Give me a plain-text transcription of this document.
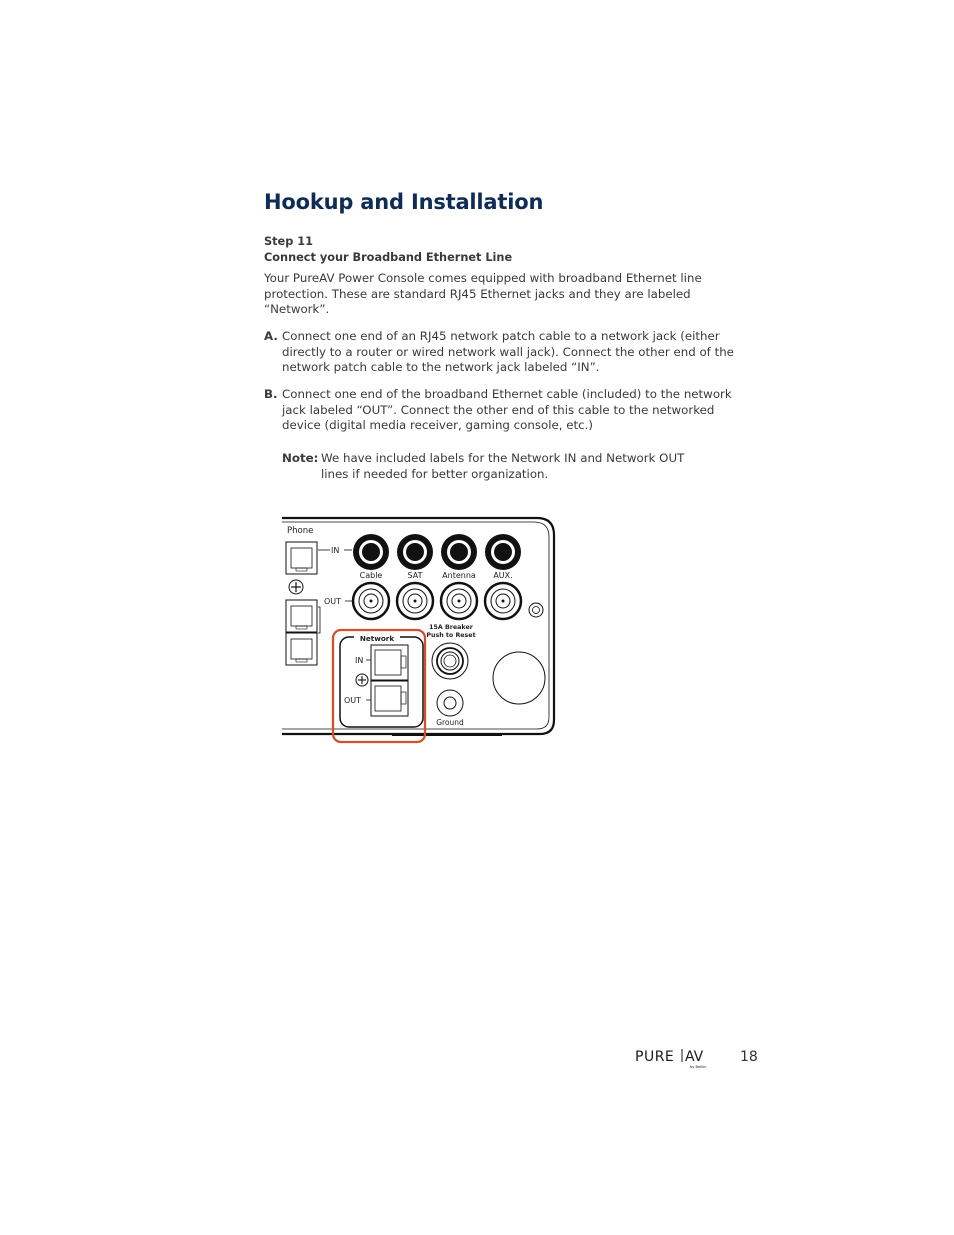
Hookup and Installation
Step 11
Connect your Broadband Ethernet Line

Your PureAV Power Console comes equipped with broadband Ethernet line protection. These are standard RJ45 Ethernet jacks and they are labeled “Network”.

A. Connect one end of an RJ45 network patch cable to a network jack (either directly to a router or wired network wall jack). Connect the other end of the network patch cable to the network jack labeled “IN”.
B. Connect one end of the broadband Ethernet cable (included) to the network jack labeled “OUT”. Connect the other end of this cable to the networked device (digital media receiver, gaming console, etc.)
Note: We have included labels for the Network IN and Network OUT lines if needed for better organization.
Phone
IN
OUT
Cable	SAT Antenna AUX.
15A Breaker
Push to Reset
Ground
Network
IN
OUT
PURE AV
by Belkin
18
